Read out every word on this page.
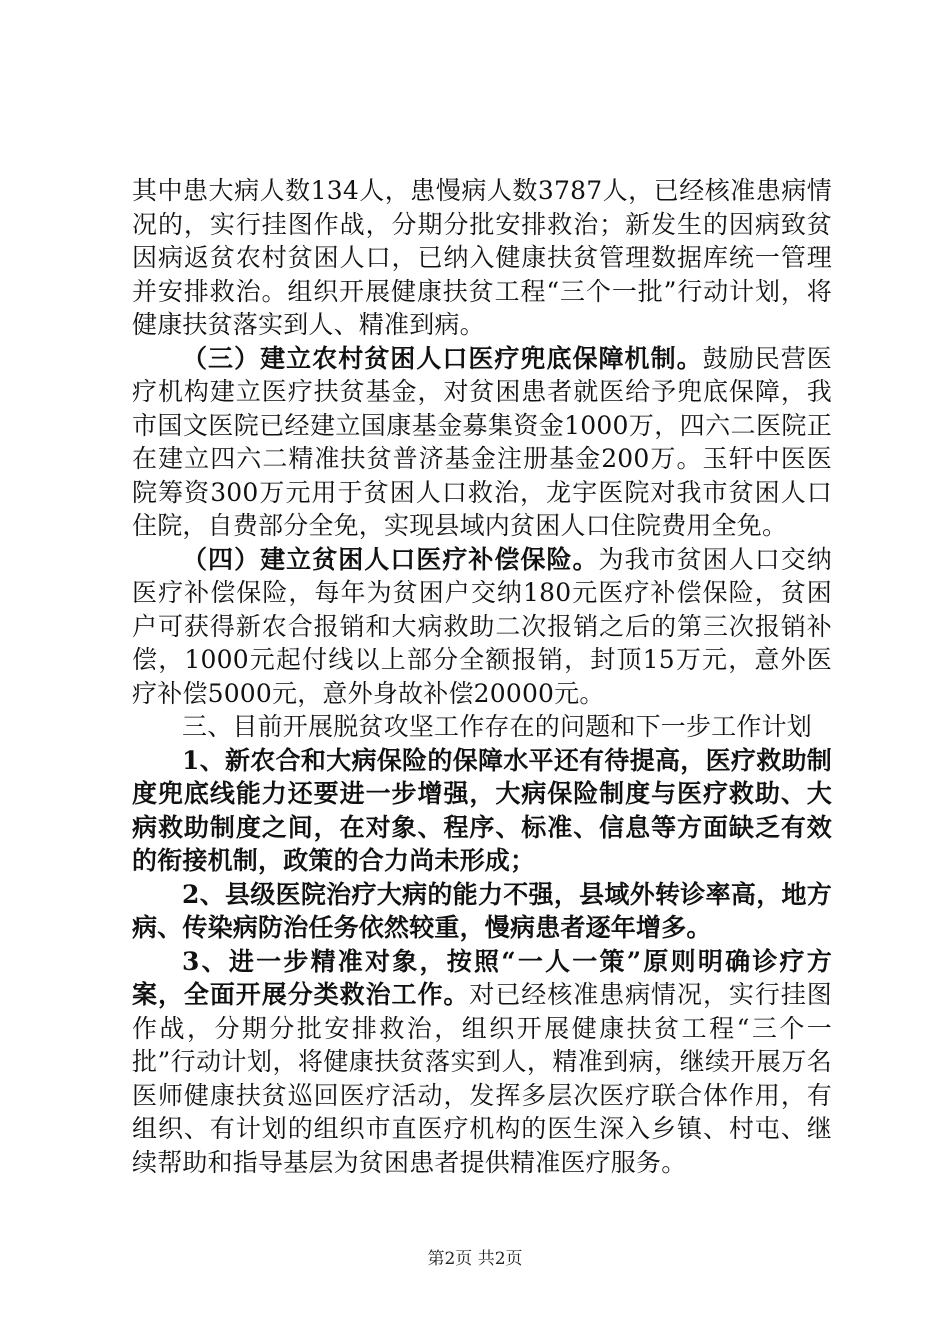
其中患大病人数134人，患慢病人数3787人，已经核准患病情况的，实行挂图作战，分期分批安排救治；新发生的因病致贫因病返贫农村贫困人口，已纳入健康扶贫管理数据库统一管理并安排救治。组织开展健康扶贫工程“三个一批”行动计划，将健康扶贫落实到人、精准到病。

（三）建立农村贫困人口医疗兜底保障机制。鼓励民营医疗机构建立医疗扶贫基金，对贫困患者就医给予兜底保障，我市国文医院已经建立国康基金募集资金1000万，四六二医院正在建立四六二精准扶贫普济基金注册基金200万。玉轩中医医院筹资300万元用于贫困人口救治，龙宇医院对我市贫困人口住院，自费部分全免，实现县域内贫困人口住院费用全免。

（四）建立贫困人口医疗补偿保险。为我市贫困人口交纳医疗补偿保险，每年为贫困户交纳180元医疗补偿保险，贫困户可获得新农合报销和大病救助二次报销之后的第三次报销补偿，1000元起付线以上部分全额报销，封顶15万元，意外医疗补偿5000元，意外身故补偿20000元。

三、目前开展脱贫攻坚工作存在的问题和下一步工作计划

1、新农合和大病保险的保障水平还有待提高，医疗救助制度兜底线能力还要进一步增强，大病保险制度与医疗救助、大病救助制度之间，在对象、程序、标准、信息等方面缺乏有效的衔接机制，政策的合力尚未形成；

2、县级医院治疗大病的能力不强，县域外转诊率高，地方病、传染病防治任务依然较重，慢病患者逐年增多。

3、进一步精准对象，按照“一人一策”原则明确诊疗方案，全面开展分类救治工作。对已经核准患病情况，实行挂图作战，分期分批安排救治，组织开展健康扶贫工程“三个一批”行动计划，将健康扶贫落实到人，精准到病，继续开展万名医师健康扶贫巡回医疗活动，发挥多层次医疗联合体作用，有组织、有计划的组织市直医疗机构的医生深入乡镇、村屯、继续帮助和指导基层为贫困患者提供精准医疗服务。

第2页 共2页
